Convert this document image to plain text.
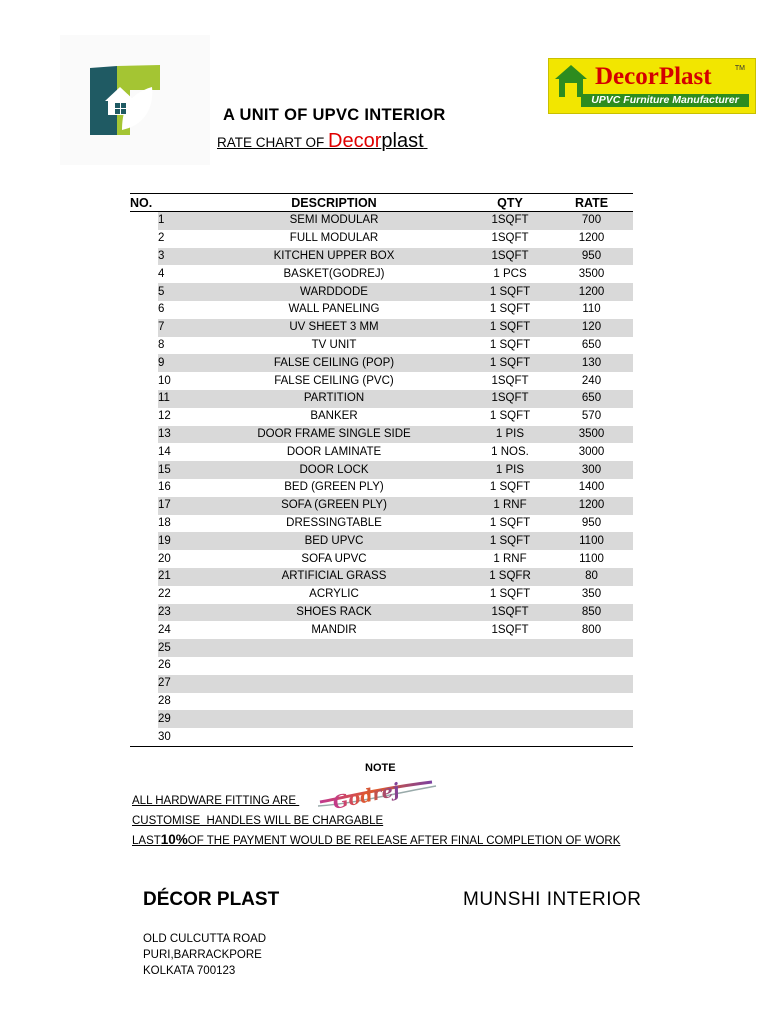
DecorPlast	TM
UPVC Furniture Manufacturer
A UNIT OF UPVC INTERIOR
RATE CHART OF Decorplast
NO.		DESCRIPTION	QTY	RATE
	1	SEMI MODULAR	1SQFT	700
	2	FULL MODULAR	1SQFT	1200
	3	KITCHEN UPPER BOX	1SQFT	950
	4	BASKET(GODREJ)	1 PCS	3500
	5	WARDDODE	1 SQFT	1200
	6	WALL PANELING	1 SQFT	110
	7	UV SHEET 3 MM	1 SQFT	120
	8	TV UNIT	1 SQFT	650
	9	FALSE CEILING (POP)	1 SQFT	130
	10	FALSE CEILING (PVC)	1SQFT	240
	11	PARTITION	1SQFT	650
	12	BANKER	1 SQFT	570
	13	DOOR FRAME SINGLE SIDE	1 PIS	3500
	14	DOOR LAMINATE	1 NOS.	3000
	15	DOOR LOCK	1 PIS	300
	16	BED (GREEN PLY)	1 SQFT	1400
	17	SOFA (GREEN PLY)	1 RNF	1200
	18	DRESSINGTABLE	1 SQFT	950
	19	BED UPVC	1 SQFT	1100
	20	SOFA UPVC	1 RNF	1100
	21	ARTIFICIAL GRASS	1 SQFR	80
	22	ACRYLIC	1 SQFT	350
	23	SHOES RACK	1SQFT	850
	24	MANDIR	1SQFT	800
	25			
	26			
	27			
	28			
	29			
	30			
NOTE
ALL HARDWARE FITTING ARE Godrej
CUSTOMISE  HANDLES WILL BE CHARGABLE
LAST10%OF THE PAYMENT WOULD BE RELEASE AFTER FINAL COMPLETION OF WORK
DÉCOR PLAST	MUNSHI INTERIOR
OLD CULCUTTA ROAD
PURI,BARRACKPORE
KOLKATA 700123
